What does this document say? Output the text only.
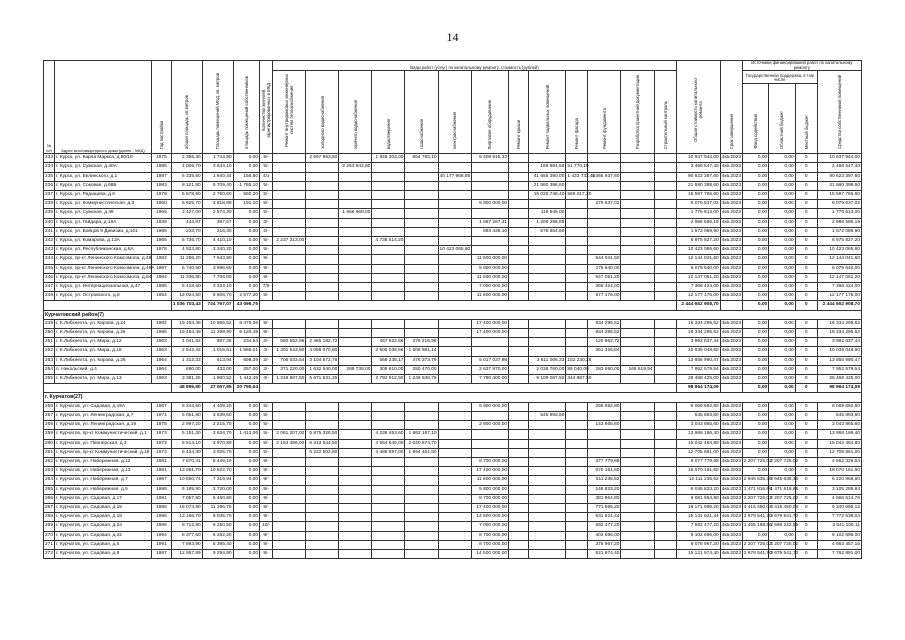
14
№ п/п	Адрес многоквартирного дома (далее - МКД)	Год постройки	общая площадь, кв.метров	Площадь помещений МКД, кв. метров	площадь помещений собственников	Количество жителей, зарегистрированных в МКД	Виды работ (услуг) по капитальному ремонту, стоимость (рублей)													Общая стоимость капитального ремонта	Срок завершения	Источники финансирования работ по капитальному ремонту			
							Ремонт внутридомовых инженерных систем теплоснабжения	холодного водоснабжения	горячего водоснабжения	водоотведения	газоснабжения	электроснабжения	Лифтовое оборудование	Ремонт крыши	Ремонт подвальных помещений	Ремонт фасада	Ремонт фундамента	Разработка проектной документации	Строительный контроль			Государственная поддержка, в том числе			Средства собственников помещений
																						Фонд содействия	Областной бюджет	Местный бюджет	
233	г. Курск, ул. Карла Маркса, д.80/16	1975	2 356,30	1 743,90	0,00	5/-		2 697 963,50		1 946 303,00	864 782,10		5 408 915,33							10 937 944,00	4кв.2023	0,00	0,00	0	10 937 944,00
234	г. Курск, ул. Сумская, д.40А	1985	4 006,70	3 544,10	0,00	5/-			2 253 842,80						169 984,56	51 770,10				2 468 547,40	4кв.2023	0,00	0,00	0	2 468 547,40
235	г. Курск, ул. Белинского, д.1	1987	5 335,60	1 940,44	156,50	4/з						40 177 968,68			41 655 390,00	1 433 732,45	4 465 937,60			90 623 397,60	4кв.2023	0,00	0,00	0	90 623 397,60
236	г. Курск, ул. Соковая, д.68Б	1983	8 121,80	5 709,40	1 765,10	5/-									21 580 398,60					21 580 398,60	4кв.2023	0,00	0,00	0	21 580 398,60
237	г. Курск, ул. Радищева, д.8	1979	5 578,60	2 760,60	560,20	5/-									15 028 748,40	569 017,20				15 597 765,60	4кв.2023	0,00	0,00	0	15 597 765,60
238	г. Курск, ул. Коммунистическая, д.3	1960	5 625,70	3 818,89	191,10	5/-							5 800 000,00				279 637,02			6 079 637,02	4кв.2023	0,00	0,00	0	6 079 637,02
239	г. Курск, ул. Сумская, д.48	1965	3 427,00	2 574,30	0,00	5/-			1 656 668,00						119 945,00					1 776 613,00	4кв.2023	0,00	0,00	0	1 776 613,00
240	г. Курск, ул. Гайдара, д.19А	1939	443,97	397,67	0,00	3/-							1 697 287,31		1 289 298,88					2 986 586,19	4кв.2023	0,00	0,00	0	2 986 586,19
241	г. Курск, ул. Бойцов 9 Дивизии, д.101	1965	233,70	216,30	0,00	2/-							893 435,10		678 654,80					1 572 089,90	4кв.2023	0,00	0,00	0	1 572 089,90
242	г. Курск, ул. Комарова, д.13А	1965	5 736,70	4 410,10	0,00	5/-	2 237 313,00			4 738 514,20										6 975 827,20	4кв.2023	0,00	0,00	0	6 975 827,20
243	г. Курск, ул. Республиканская, д.6А	1978	4 523,80	3 340,20	0,00	5/-						10 423 065,60								10 423 065,60	4кв.2023	0,00	0,00	0	10 423 065,60
244	г. Курск, пр-кт Ленинского Комсомола, д.48	1982	11 256,20	7 643,90	0,00	9/-							11 600 000,00				544 041,50			12 144 041,60	4кв.2023	0,00	0,00	0	12 144 041,60
245	г. Курск, пр-кт Ленинского Комсомола, д.48А	1987	5 740,50	3 896,60	0,00	9/-							5 800 000,00				275 640,00			6 075 640,00	4кв.2023	0,00	0,00	0	6 075 640,00
246	г. Курск, пр-кт Ленинского Комсомола, д.84	1984	11 336,80	7 706,00	0,00	9/-							11 600 000,00				547 051,20			12 147 051,20	4кв.2023	0,00	0,00	0	12 147 051,20
247	г. Курск, ул. Интернациональная, д.47	1985	5 418,60	3 323,10	0,00	7/9							7 000 000,00				366 424,00			7 366 424,00	4кв.2023	0,00	0,00	0	7 366 424,00
248	г. Курск, ул. Островского, д.8	1954	12 024,50	8 608,70	2 577,20	5/-							11 600 000,00				577 176,00			12 177 176,00	4кв.2023	0,00	0,00	0	12 177 176,00
			1 036 703,43	724 767,07	43 099,75															2 444 652 908,70		0,00	0,00	0	2 444 652 908,70
Курчатовский район(7)																									
249	г. К.Либкнехта, ул. Кирова, д.24	1982	19 464,48	10 965,52	8 475,36	9/-							17 400 000,00				934 295,52			18 334 295,52	4кв.2023	0,00	0,00	0	18 334 295,52
250	г. К.Либкнехта, ул. Кирова, д.26	1985	19 464,48	11 298,90	8 120,49	9/-							17 400 000,00				934 295,52			18 334 295,52	4кв.2023	0,00	0,00	0	18 334 295,52
251	г. К.Либкнехта, ул. Мира, д.12	1963	1 041,92	887,38	234,54	2/-	560 552,96	2 465 182,72		467 822,66	378 216,96						120 862,72			3 992 637,44	4кв.2023	0,00	0,00	0	3 992 637,44
252	г. К.Либкнехта, ул. Мира, д.18	1963	2 542,42	1 015,51	1 568,01	4/-	1 301 543,80	4 058 070,80		2 505 038,56	1 508 981,14						361 326,84			10 035 048,60	4кв.2023	0,00	0,00	0	10 035 048,60
253	г. К.Либкнехта, ул. Кирова, д.26	1964	1 312,33	613,94	698,39	2/-	706 033,54	3 104 572,78		569 235,17	476 373,79		5 017 037,98		3 811 006,33	152 230,28				13 856 990,47	4кв.2023	0,00	0,00	0	13 856 990,47
254	п. Никольский, д.4	1964	690,00	433,00	257,00	2/-	371 220,00	1 632 540,00	288 738,00	309 810,00	250 470,00		2 637 870,00		2 038 760,00	88 040,00	283 550,00	166 619,54		7 952 579,54	4кв.2023	0,00	0,00	0	7 952 579,54
255	г. К.Либкнехта, ул. Мира, д.13	1963	3 381,25	1 800,52	1 442,45	4/-	1 318 687,50	5 671 531,25		2 792 912,50	1 249 938,75		7 790 400,00		9 109 087,50	344 887,50				28 468 425,00	4кв.2023	0,00	0,00	0	28 468 425,00
			48 896,90	27 057,95	20 796,64															98 964 174,09		0,00	0,00	0	98 964 174,09
г. Курчатов(27)																									
256	г. Курчатов, ул. Садовая, д.19А	1967	6 243,60	4 409,20	0,00	5/-							5 800 000,00				269 692,80			6 069 692,80	4кв.2023	0,00	0,00	0	6 069 692,80
257	г. Курчатов, ул. Ленинградская, д.7	1971	5 051,90	3 639,60	0,00	5/-									545 893,80					545 893,80	4кв.2023	0,00	0,00	0	545 893,80
258	г. Курчатов, ул. Ленинградская, д.19	1975	2 997,20	2 215,70	0,00	5/-							2 900 000,00				143 865,60			3 043 865,60	4кв.2023	0,00	0,00	0	3 043 865,60
259	г. Курчатов, пр-кт Коммунистический, д.1	1973	5 151,30	3 634,70	1 413,06	5/-	2 061 207,00	5 875 328,50		4 236 453,60	1 863 187,10									13 968 186,40	4кв.2023	0,00	0,00	0	13 968 186,40
260	г. Курчатов, ул. Пионерская, д.3	1973	5 514,10	3 970,80	0,00	5/-	2 153 496,00	6 313 644,50		4 554 646,00	2 020 674,70									15 042 464,80	4кв.2023	0,00	0,00	0	15 042 464,80
261	г. Курчатов, пр-кт Коммунистический, д.15	1973	5 434,30	3 925,70	0,00	5/-		6 222 502,50		4 488 897,00	1 994 461,50									12 705 861,00	4кв.2023	0,00	0,00	0	12 705 861,00
262	г. Курчатов, ул. Набережная, д.12	1981	7 870,41	5 449,19	0,00	9/-							8 700 000,00				377 779,68			9 077 779,68	4кв.2023	2 207 725,02	2 207 725,02	0	4 662 329,64
263	г. Курчатов, ул. Набережная, д.13	1981	13 961,70	10 822,70	0,00	9/-							17 400 000,00				670 161,60			18 070 161,60	4кв.2023	0,00	0,00	0	18 070 161,60
264	г. Курчатов, ул. Набережная, д.7	1987	10 650,74	7 319,94	0,00	9/-							11 600 000,00				511 235,52			12 111 235,52	4кв.2023	2 945 635,36	2 945 635,36	0	6 220 968,80
265	г. Курчатов, ул. Набережная, д.5	1988	5 185,90	3 720,00	0,00	9/-							5 800 000,00				248 823,20			6 048 823,20	4кв.2023	1 471 816,68	1 471 816,68	0	3 105 289,84
266	г. Курчатов, ул. Садовая, д.17	1991	7 057,60	5 460,80	0,00	9/-							8 700 000,00				381 964,80			9 081 964,80	4кв.2023	2 207 725,02	2 207 725,02	0	4 666 514,76
267	г. Курчатов, ул. Садовая, д.15	1986	16 074,90	11 296,70	0,00	9/-							17 400 000,00				771 595,20			18 171 595,20	4кв.2023	4 415 450,04	4 415 450,04	0	9 340 695,12
268	г. Курчатов, ул. Садовая, д.18	1988	13 156,70	9 035,70	0,00	9/-							14 500 000,00				631 621,44			15 131 621,44	4кв.2023	3 679 541,70	3 679 541,70	0	7 772 538,04
269	г. Курчатов, ул. Садовая, д.24	1986	8 712,90	6 250,50	0,00	10/-							7 000 000,00				592 477,20			7 592 477,20	4кв.2023	1 465 168,56	2 568 222,59	0	3 541 106,11
270	г. Курчатов, ул. Садовая, д.22	1994	8 377,60	6 262,20	0,00	9/-							8 700 000,00				402 696,00			9 102 696,00	4кв.2023	0,00	0,00	0	9 102 696,00
271	г. Курчатов, ул. Садовая, д.5	1991	7 893,90	5 395,40	0,00	9/-							8 700 000,00				378 967,20			9 078 967,20	4кв.2023	2 207 725,02	2 207 725,02	0	4 663 457,16
272	г. Курчатов, ул. Садовая, д.8	1987	12 957,89	9 294,90	0,00	9/-							14 500 000,00				621 974,40			15 121 974,40	4кв.2023	3 679 541,70	3 679 541,70	0	7 762 891,00
